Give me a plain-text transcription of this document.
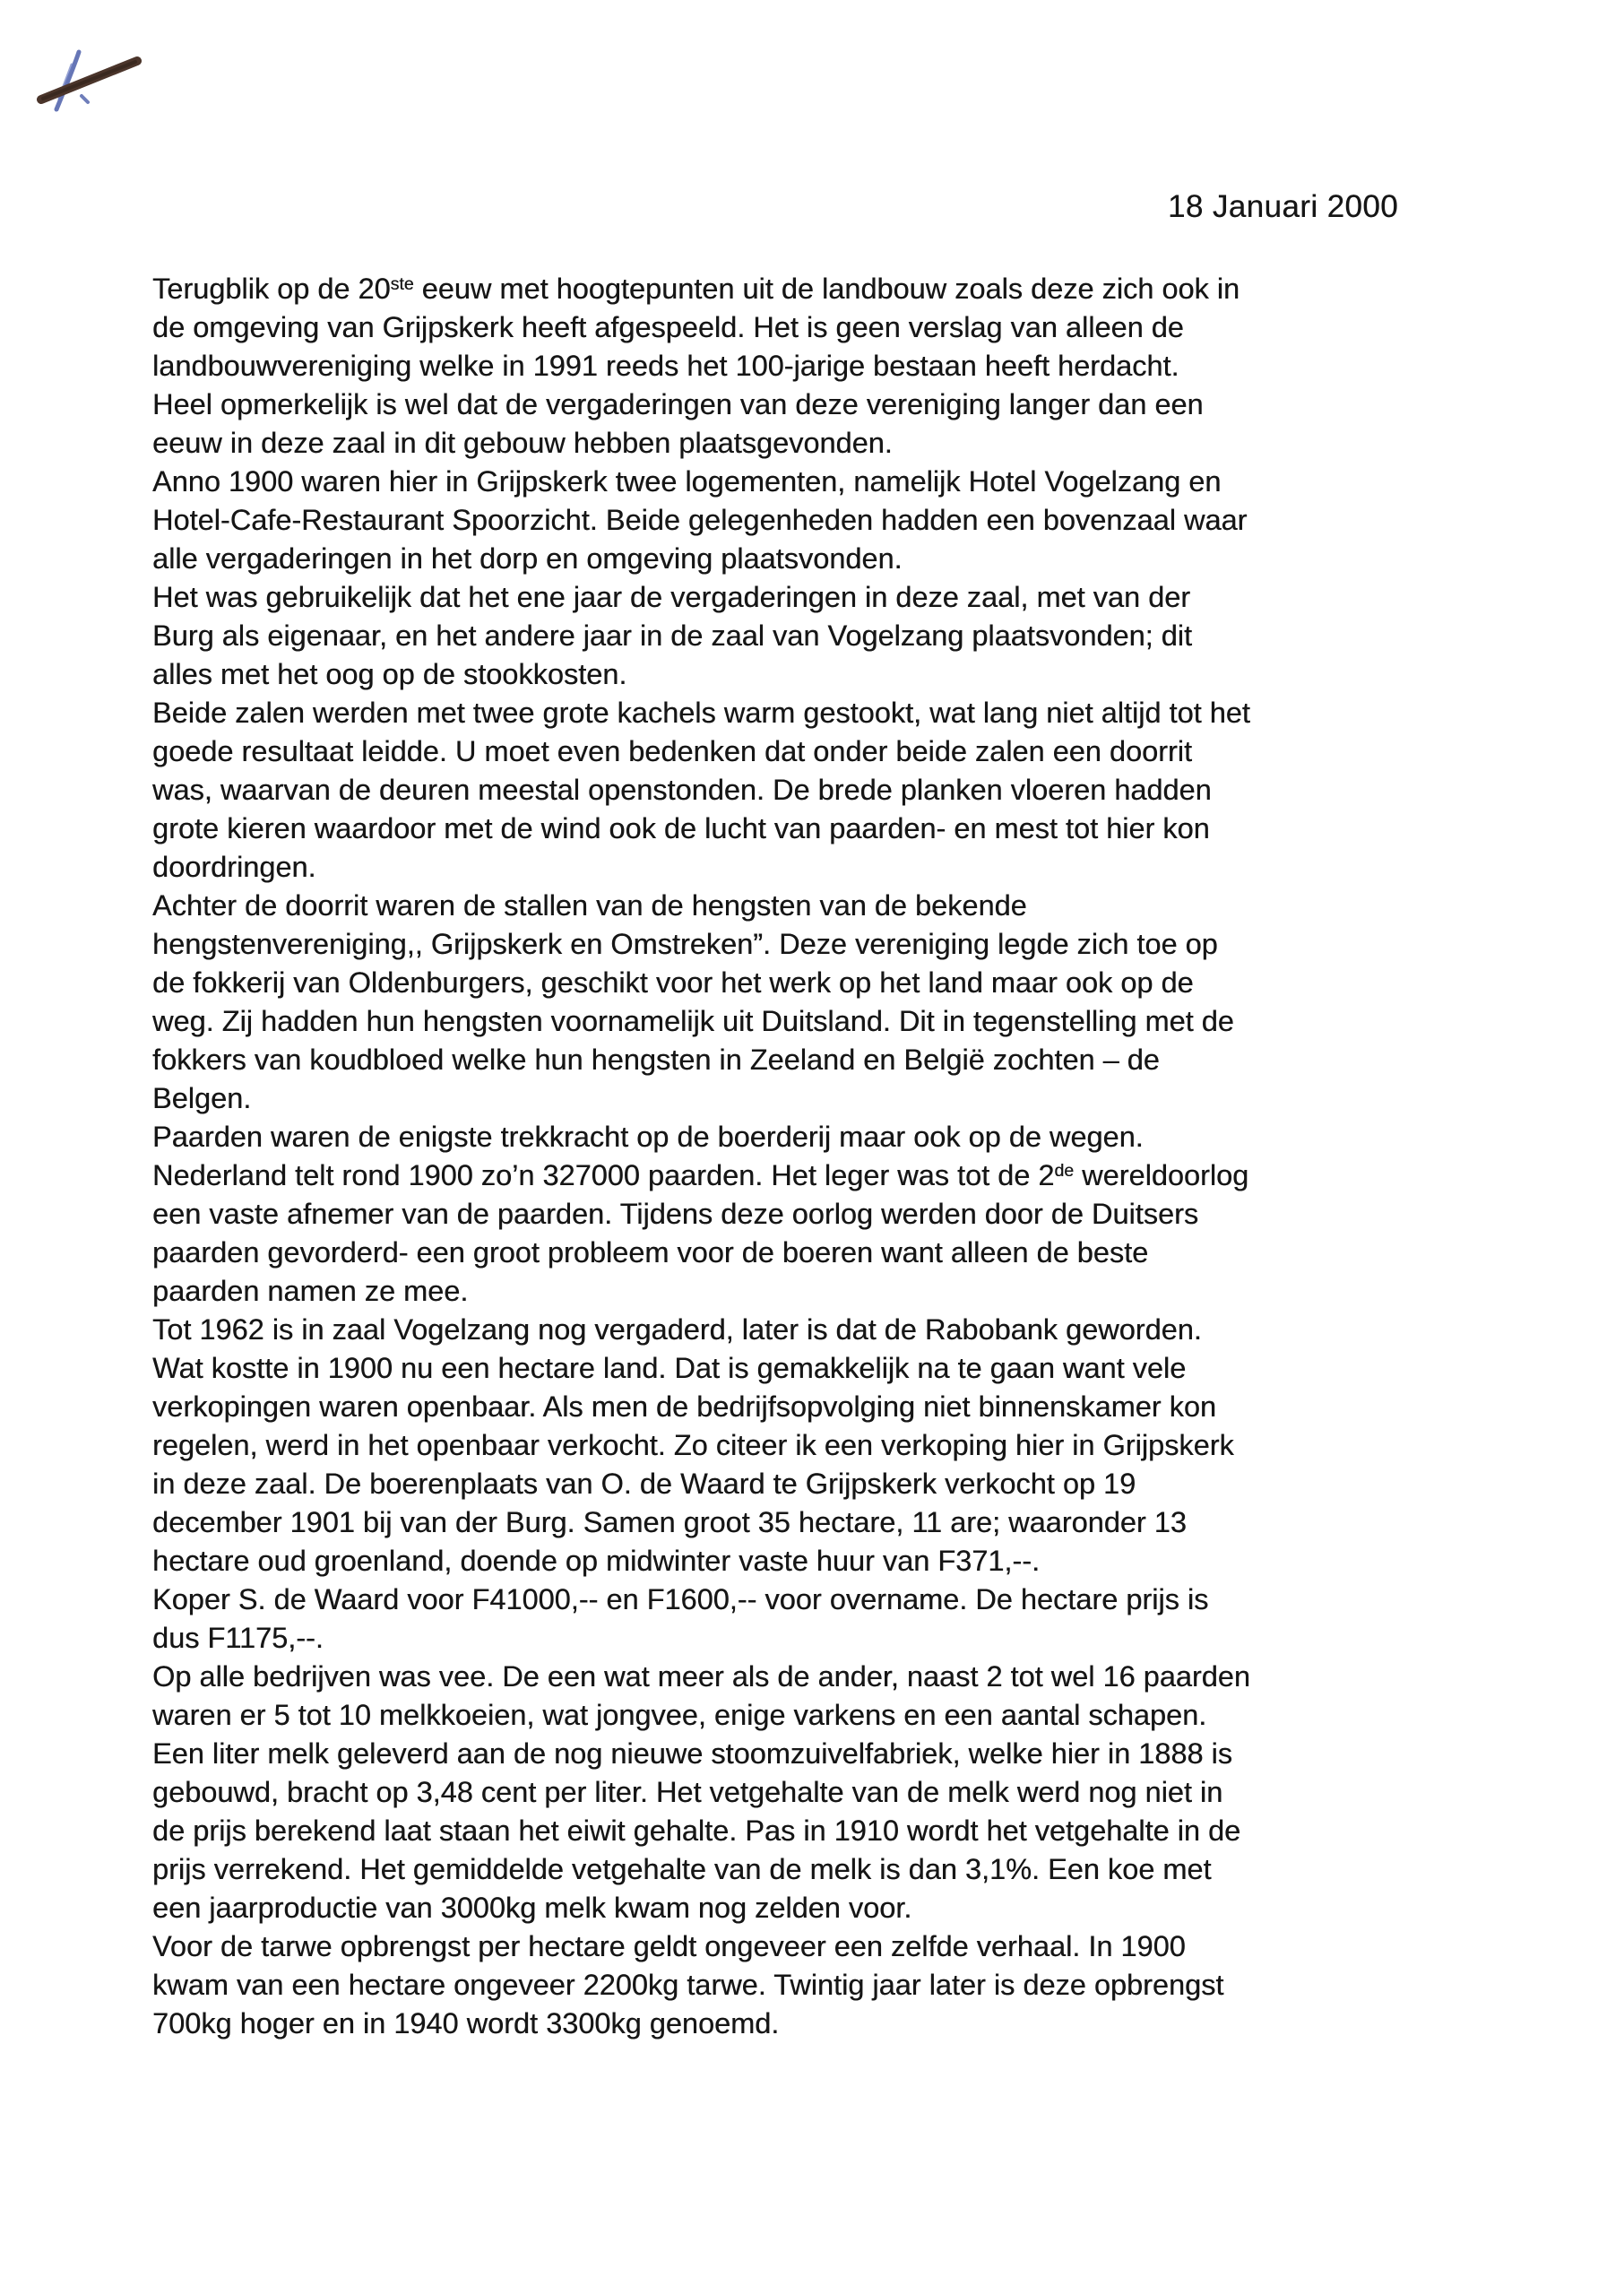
18 Januari 2000
Terugblik op de 20ste eeuw met hoogtepunten uit de landbouw zoals deze zich ook in
de omgeving van Grijpskerk heeft afgespeeld. Het is geen verslag van alleen de
landbouwvereniging welke in 1991 reeds het 100-jarige bestaan heeft herdacht.
Heel opmerkelijk is wel dat de vergaderingen van deze vereniging langer dan een
eeuw in deze zaal in dit gebouw hebben plaatsgevonden.
Anno 1900 waren hier in Grijpskerk twee logementen, namelijk Hotel Vogelzang en
Hotel-Cafe-Restaurant Spoorzicht. Beide gelegenheden hadden een bovenzaal waar
alle vergaderingen in het dorp en omgeving plaatsvonden.
Het was gebruikelijk dat het ene jaar de vergaderingen in deze zaal, met van der
Burg als eigenaar, en het andere jaar in de zaal van Vogelzang plaatsvonden; dit
alles met het oog op de stookkosten.
Beide zalen werden met twee grote kachels warm gestookt, wat lang niet altijd tot het
goede resultaat leidde. U moet even bedenken dat onder beide zalen een doorrit
was, waarvan de deuren meestal openstonden. De brede planken vloeren hadden
grote kieren waardoor met de wind ook de lucht van paarden- en mest tot hier kon
doordringen.
Achter de doorrit waren de stallen van de hengsten van de bekende
hengstenvereniging,, Grijpskerk en Omstreken”. Deze vereniging legde zich toe op
de fokkerij van Oldenburgers, geschikt voor het werk op het land maar ook op de
weg. Zij hadden hun hengsten voornamelijk uit Duitsland. Dit in tegenstelling met de
fokkers van koudbloed welke hun hengsten in Zeeland en België zochten – de
Belgen.
Paarden waren de enigste trekkracht op de boerderij maar ook op de wegen.
Nederland telt rond 1900 zo’n 327000 paarden. Het leger was tot de 2de wereldoorlog
een vaste afnemer van de paarden. Tijdens deze oorlog werden door de Duitsers
paarden gevorderd- een groot probleem voor de boeren want alleen de beste
paarden namen ze mee.
Tot 1962 is in zaal Vogelzang nog vergaderd, later is dat de Rabobank geworden.
Wat kostte in 1900 nu een hectare land. Dat is gemakkelijk na te gaan want vele
verkopingen waren openbaar. Als men de bedrijfsopvolging niet binnenskamer kon
regelen, werd in het openbaar verkocht. Zo citeer ik een verkoping hier in Grijpskerk
in deze zaal. De boerenplaats van O. de Waard te Grijpskerk verkocht op 19
december 1901 bij van der Burg. Samen groot 35 hectare, 11 are; waaronder 13
hectare oud groenland, doende op midwinter vaste huur van F371,--.
Koper S. de Waard voor F41000,-- en F1600,-- voor overname. De hectare prijs is
dus F1175,--.
Op alle bedrijven was vee. De een wat meer als de ander, naast 2 tot wel 16 paarden
waren er 5 tot 10 melkkoeien, wat jongvee, enige varkens en een aantal schapen.
Een liter melk geleverd aan de nog nieuwe stoomzuivelfabriek, welke hier in 1888 is
gebouwd, bracht op 3,48 cent per liter. Het vetgehalte van de melk werd nog niet in
de prijs berekend laat staan het eiwit gehalte. Pas in 1910 wordt het vetgehalte in de
prijs verrekend. Het gemiddelde vetgehalte van de melk is dan 3,1%. Een koe met
een jaarproductie van 3000kg melk kwam nog zelden voor.
Voor de tarwe opbrengst per hectare geldt ongeveer een zelfde verhaal. In 1900
kwam van een hectare ongeveer 2200kg tarwe. Twintig jaar later is deze opbrengst
700kg hoger en in 1940 wordt 3300kg genoemd.
